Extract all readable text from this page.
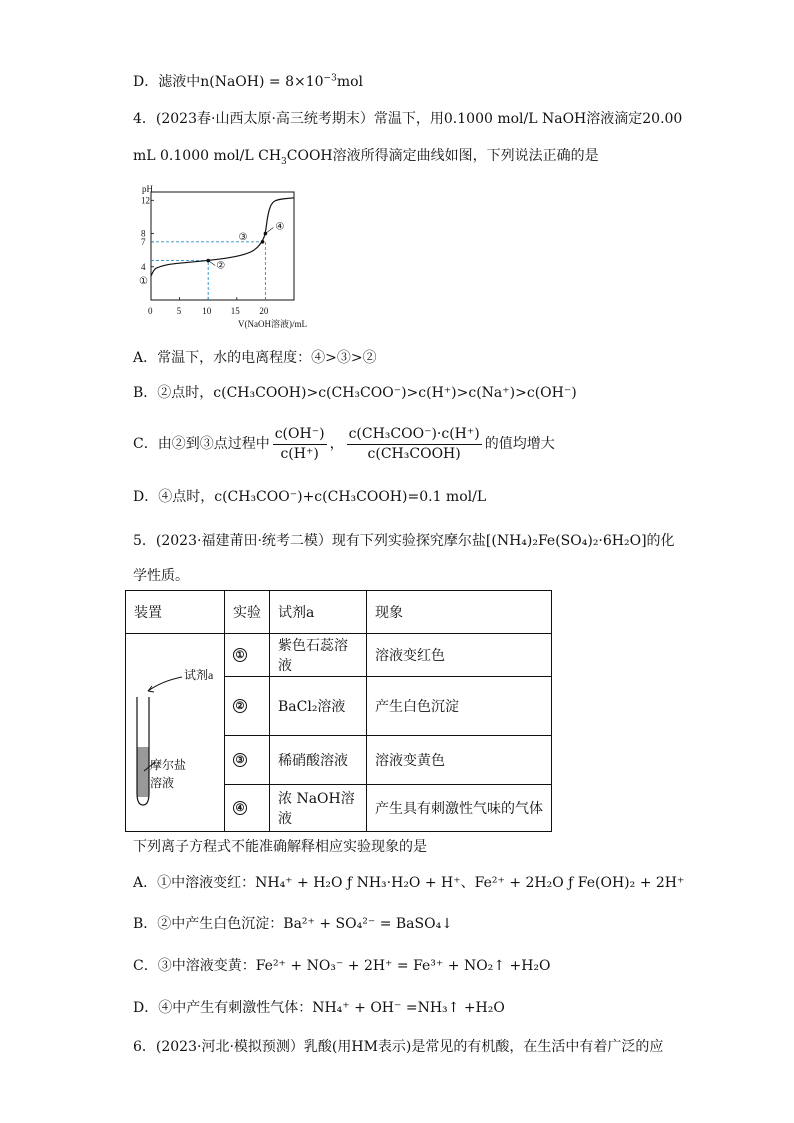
D．滤液中n(NaOH) = $8\times 10^{-3}mol$
4．(2023春·山西太原·高三统考期末）常温下，用0.1000 mol/L NaOH溶液滴定20.00
mL 0.1000 mol/L $CH_3COOH$溶液所得滴定曲线如图，下列说法正确的是
pH
V(NaOH溶液)/mL
4
7
8
12
0	5 10 15 20
①
②
③
④
A．常温下，水的电离程度：④>③>②
B．②点时，c(CH₃COOH)>c(CH₃COO⁻)>c(H⁺)>c(Na⁺)>c(OH⁻)
C．由②到③点过程中 $\frac{c(OH^-)}{c(H^+)}$ ， $\frac{\text{c(CH₃COO⁻)·c(H⁺)}}{\text{c(CH₃COOH)}}$ 的值均增大
D．④点时，c(CH₃COO⁻)+c(CH₃COOH)=0.1 mol/L
5．(2023·福建莆田·统考二模）现有下列实验探究摩尔盐[(NH₄)₂Fe(SO₄)₂·6H₂O]的化
学性质。
装置	实验	试剂a	现象

试剂a
摩尔盐
溶液	①	紫色石蕊溶液	溶液变红色
	②	BaCl₂溶液	产生白色沉淀
	③	稀硝酸溶液	溶液变黄色
	④	浓 NaOH溶液	产生具有刺激性气味的气体
下列离子方程式不能准确解释相应实验现象的是
A．①中溶液变红：NH₄⁺ + H₂O ƒ NH₃·H₂O + H⁺、Fe²⁺ + 2H₂O ƒ Fe(OH)₂ + 2H⁺
B．②中产生白色沉淀：Ba²⁺ + SO₄²⁻ = BaSO₄↓
C．③中溶液变黄：Fe²⁺ + NO₃⁻ + 2H⁺ = Fe³⁺ + NO₂↑ +H₂O
D．④中产生有刺激性气体：NH₄⁺ + OH⁻ =NH₃↑ +H₂O
6．(2023·河北·模拟预测）乳酸(用HM表示)是常见的有机酸，在生活中有着广泛的应
